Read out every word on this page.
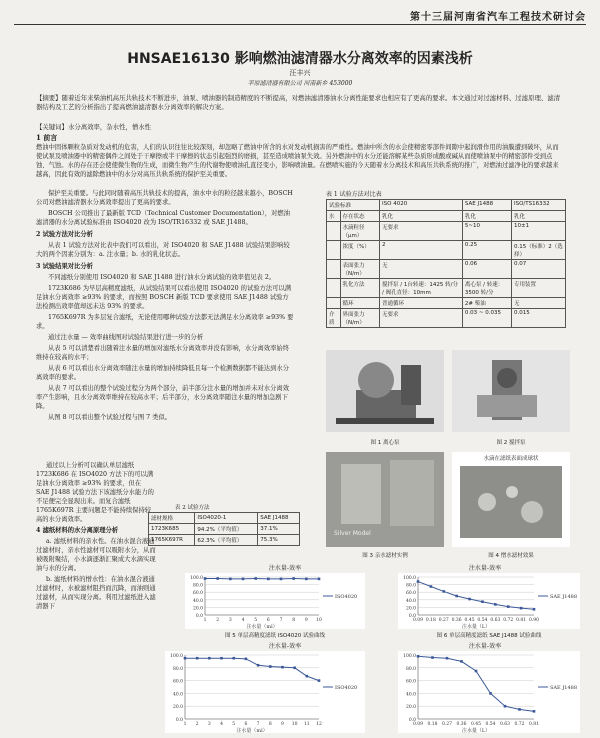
第十三届河南省汽车工程技术研讨会
HNSAE16130 影响燃油滤清器水分离效率的因素浅析
汪丰兴
平原滤清器有限公司 河南新乡 453000
【摘要】随着近年来柴油机高压共轨技术不断进步，油泵、喷油器的制造精度的不断提高，对燃油滤清器油水分离性能要求也相应有了更高的要求。本文通过对过滤材料、过滤原理、滤清器结构及工艺的分析指出了提高燃油滤清器水分离效率的解决方案。
【关键词】水分离效率，杂水性，憎水性
1 前言
燃油中固体颗粒杂质对发动机的危害，人们的认识往往比较深刻，却忽略了燃油中所含的水对发动机损害的严重性。燃油中所含的水会使精密零部件间隙中起润滑作用的油膜遭到破坏，从而使试泵及喷油器中的精密偶件之间处于干摩擦或半干摩擦的状态引起强烈的磨损，甚至造成喷油泵失效。另外燃油中的水分还能溶解某些杂质形成酸或碱从而使喷油泵中的精密部件受到点蚀、气蚀。水的存在还会使使微生物的生成，而微生物产生的代谢物使喷油孔直径变小，影响喷油量。在燃喷实施的今天随着水分离技术和高压共轨系统的推广，对燃油过滤净化的要求越来越高，因此有效的滤除燃油中的水分对高压共轨系统的保护至关重要。

保护至关重要。与此同时随着高压共轨技术的提高，油水中水的粒径越来越小，BOSCH 公司对燃油滤清器水分离效率提出了更高的要求。

BOSCH 公司推出了最新版 TCD（Technical Customer Documentation），对燃油滤清器的水分离试验标准由 ISO4020 改为 ISO/TR16332 或 SAE J1488。

2 试验方法对比分析

从表 1 试验方法对比表中我们可以看出，对 ISO4020 和 SAE J1488 试验结果影响较大的两个因素分别为：a. 注水量；b. 水的乳化状态。

3 试验结果对比分析

不同滤纸分别使用 ISO4020 和 SAE J1488 进行油水分离试验的效率值见表 2。

1723K686 为早层高精度滤纸，从试验结果可以看出使用 ISO4020 的试验方法可以满足油水分离效率 ≥93% 的要求，而按照 BOSCH 新版 TCD 要求使用 SAE J1488 试验方法检测出效率值却远未达 93% 的要求。

1765K697R 为多层复合滤纸，无论使用哪种试验方法都无法满足水分离效率 ≥93% 要求。

通过注水量 — 效率曲线图对试验结果进行进一步的分析

从表 5 可以清楚看出随着注水量的增加对滤纸水分离效率并没有影响，水分离效率始终维持在较高的水平；

从表 6 可以看出水分离效率随注水量的增加持续降低且每一个检测数据都不能达到水分离效率的要求。

从表 7 可以看出的整个试验过程分为两个部分，前半部分注水量的增加并未对水分离效率产生影响，且水分离效率维持在较高水平；后半部分，水分离效率随注水量的增加急剧下降。

从图 8 可以看出整个试验过程与图 7 类似。

通过以上分析可以确认单层滤纸 1723K686 在 ISO4020 方法下的可以满足油水分离效率 ≥93% 的要求，但在 SAE J1488 试验方法下该滤纸分水能力的不足便完全显现出来。而复合滤纸 1765K697R 主要问题是不能持续保持较高的水分离效率。

4 滤纸材料的水分离原理分析

a. 滤纸材料的亲水性。在油水混合液通过滤材时，亲水性滤材可以吸附水分，从而被吸附聚结，小水滴逐渐汇聚成大水滴实现油与水的分离。

b. 滤纸材料的憎水性：在油水混合液通过滤材时，水被滤材阻挡而沉降，而油则通过滤材，从而实现分离。利用过滤纸进入滤清器下

表 1 试验方法对比表
试验标准		ISO 4020	SAE J1488	ISO/TS16332
水	存在状态	乳化	乳化	乳化
	水滴粒径（μm）	无要求	5~10	10±1
	浓度（%）	2	0.25	0.15（标准）2（选择）
	表面张力（N/m）	无	0.06	0.07
	乳化方法	搅拌泵 / 1台转速：1425 转/分 / 阀孔直径：10mm	离心泵 / 转速：3500 转/分	专用装置
	循环	普通循环	2# 柴油	无
介质	界面张力（N/m）	无要求	0.03 ~ 0.035	0.015
图 1 离心泵	图 2 搅拌泵
Silver Model
水滴在滤纸表面成球状
图 3 亲水滤材实例	图 4 憎水滤材效果
表 2 试验方法
滤材规格	ISO4020-1	SAE J1488
1723K685	94.2%（平均值）	37.1%
1765K697R	62.3%（平均值）	75.3%
注水量-效率
0.0
20.0
40.0
60.0
80.0
100.0
1 2 3 4 5 6 7 8 9 10
注水量（ml）
ISO4020
图 5 单层高精度滤纸 ISO4020 试验曲线
注水量-效率
0.0
20.0
40.0
60.0
80.0
100.0
0.09 0.18 0.27 0.36 0.45 0.54 0.63 0.72 0.81 0.90
注水量（L）
SAE J1488
图 6 单层高精度滤纸 SAE J1488 试验曲线
注水量-效率
0.0
20.0
40.0
60.0
80.0
100.0
1 2 3 4 5 6 7 8 9 10 11 12
注水量（ml）
ISO4020
注水量-效率
0.0
20.0
40.0
60.0
80.0
100.0
0.09 0.18 0.27 0.36 0.45 0.54 0.63 0.72 0.81
注水量（L）
SAE J1488
